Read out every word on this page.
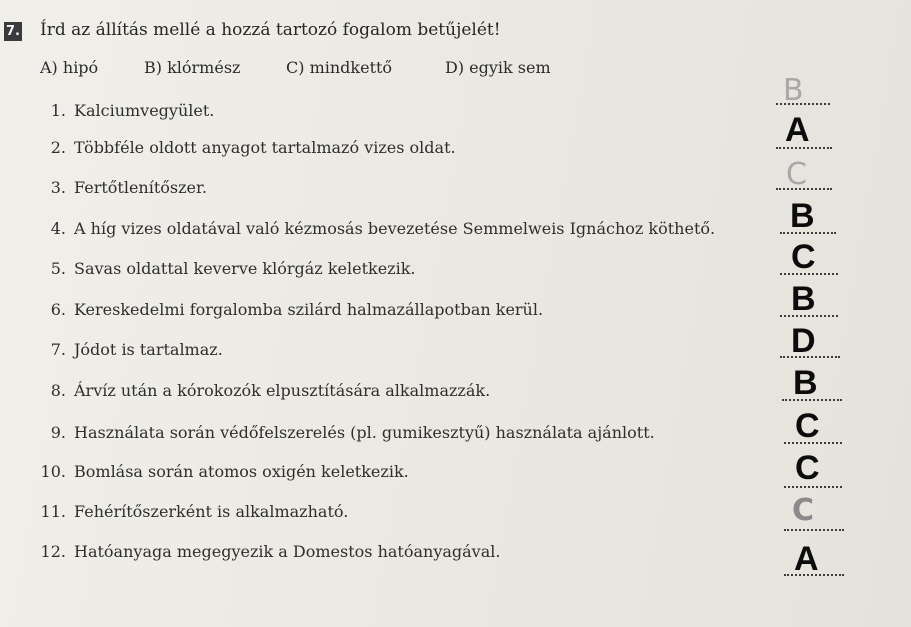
7. Írd az állítás mellé a hozzá tartozó fogalom betűjelét!
A) hipó	B) klórmész	C) mindkettő	D) egyik sem
1. Kalciumvegyület.
B
2. Többféle oldott anyagot tartalmazó vizes oldat.	A
3. Fertőtlenítőszer.	C
4. A híg vizes oldatával való kézmosás bevezetése Semmelweis Ignáchoz köthető. B
5. Savas oldattal keverve klórgáz keletkezik.	C
6. Kereskedelmi forgalomba szilárd halmazállapotban kerül.	B
7. Jódot is tartalmaz.	D
8. Árvíz után a kórokozók elpusztítására alkalmazzák.	B
9. Használata során védőfelszerelés (pl. gumikesztyű) használata ajánlott.	C
10. Bomlása során atomos oxigén keletkezik.	C
11. Fehérítőszerként is alkalmazható.	C
12. Hatóanyaga megegyezik a Domestos hatóanyagával.	A
